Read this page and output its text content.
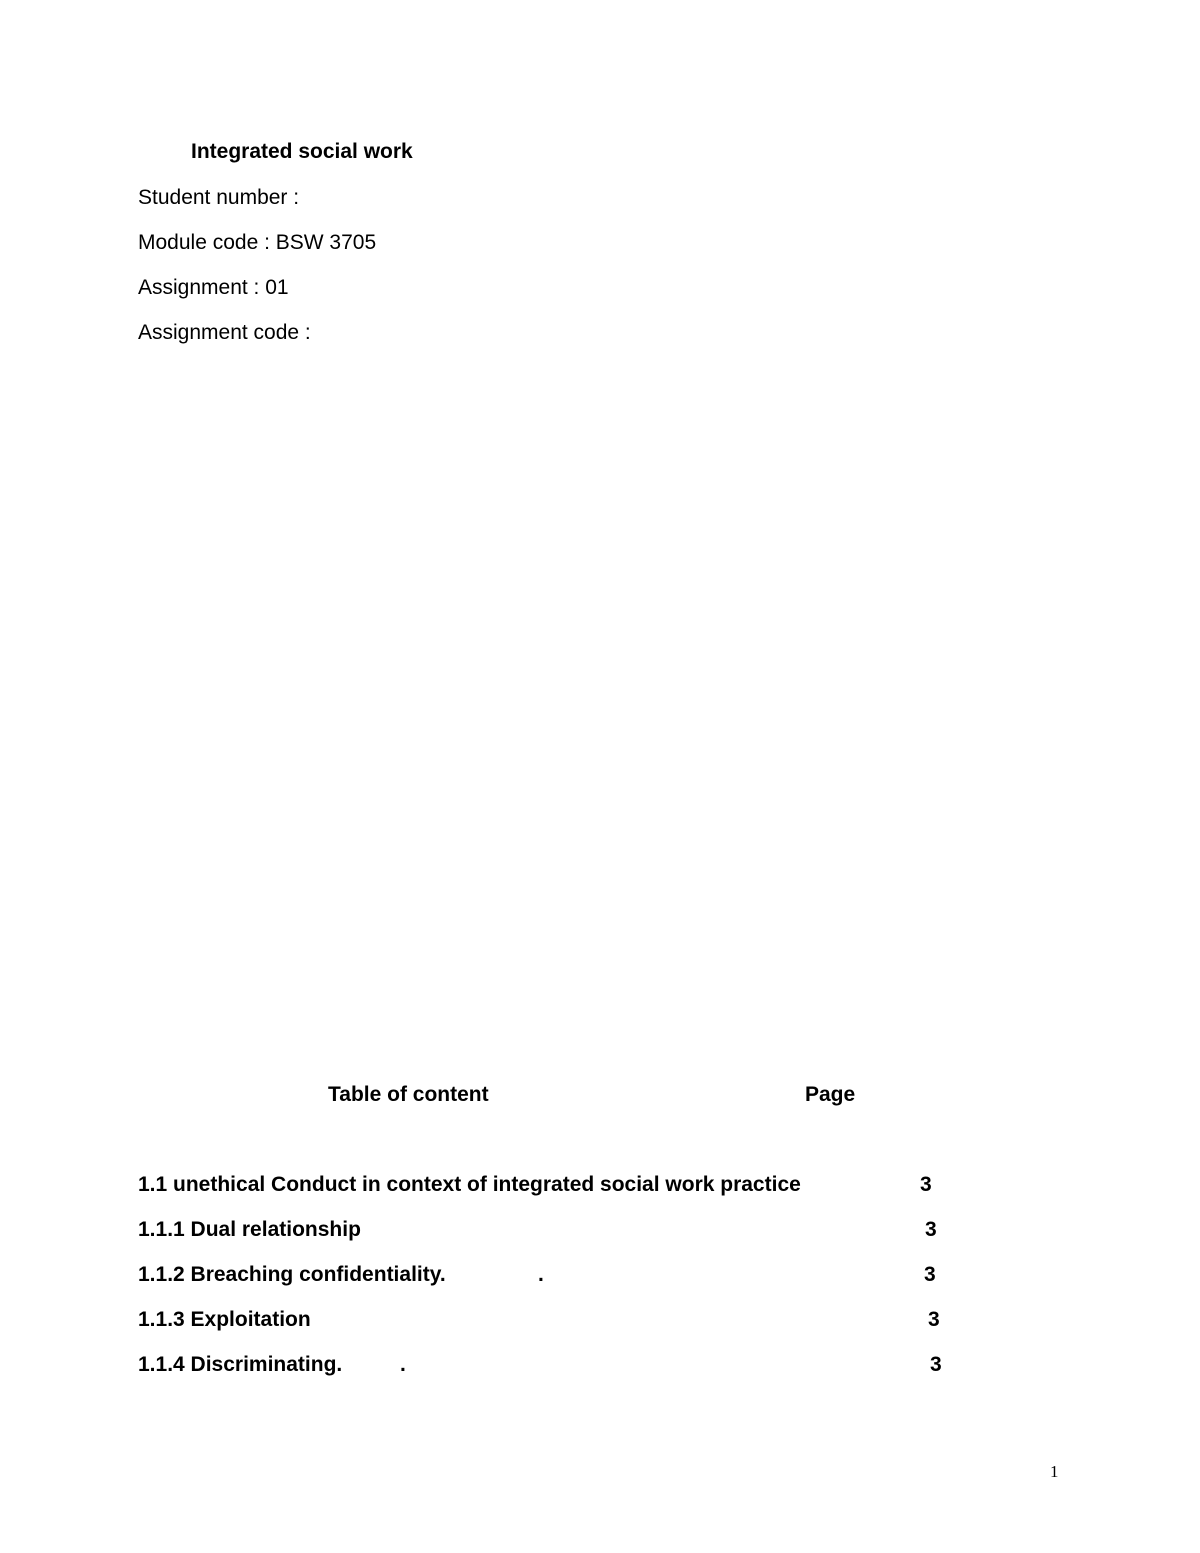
Integrated social work
Student number :
Module code : BSW 3705
Assignment : 01
Assignment code :
Table of content	Page
1.1 unethical Conduct in context of integrated social work practice	3
1.1.1 Dual relationship	3
1.1.2 Breaching confidentiality.	.	3
1.1.3 Exploitation	3
1.1.4 Discriminating.	.	3
1
